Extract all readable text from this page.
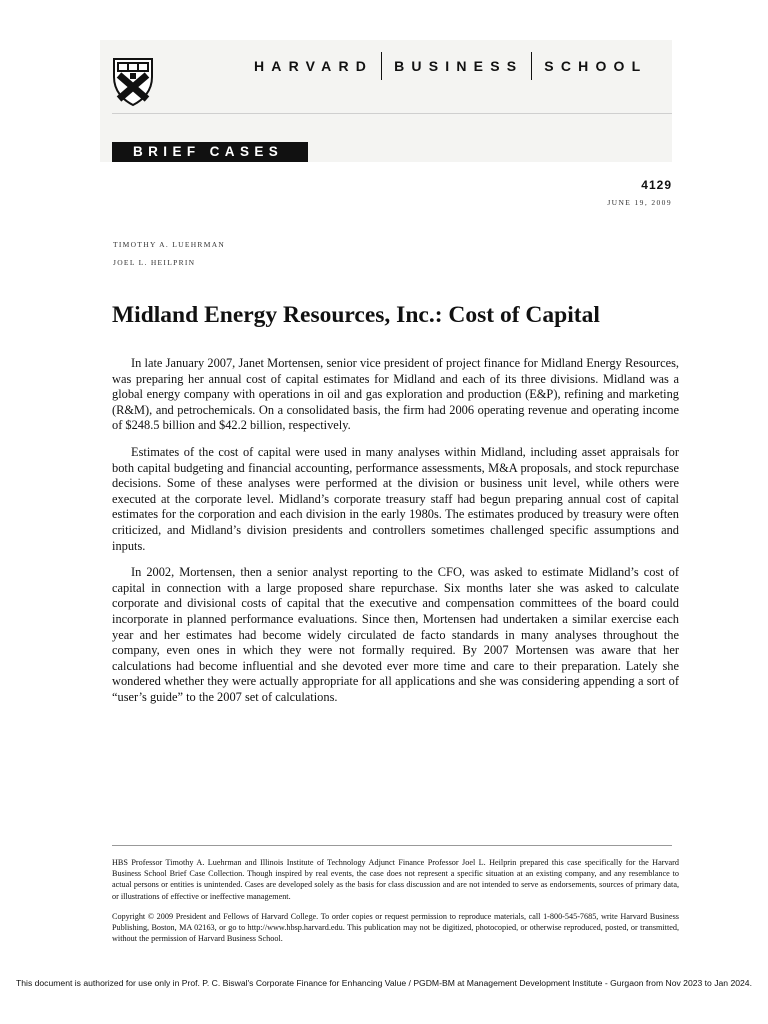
HARVARD BUSINESS SCHOOL
BRIEF CASES
4129
JUNE 19, 2009
TIMOTHY A. LUEHRMAN
JOEL L. HEILPRIN
Midland Energy Resources, Inc.: Cost of Capital

In late January 2007, Janet Mortensen, senior vice president of project finance for Midland Energy Resources, was preparing her annual cost of capital estimates for Midland and each of its three divisions. Midland was a global energy company with operations in oil and gas exploration and production (E&P), refining and marketing (R&M), and petrochemicals. On a consolidated basis, the firm had 2006 operating revenue and operating income of $248.5 billion and $42.2 billion, respectively.

Estimates of the cost of capital were used in many analyses within Midland, including asset appraisals for both capital budgeting and financial accounting, performance assessments, M&A proposals, and stock repurchase decisions. Some of these analyses were performed at the division or business unit level, while others were executed at the corporate level. Midland’s corporate treasury staff had begun preparing annual cost of capital estimates for the corporation and each division in the early 1980s. The estimates produced by treasury were often criticized, and Midland’s division presidents and controllers sometimes challenged specific assumptions and inputs.

In 2002, Mortensen, then a senior analyst reporting to the CFO, was asked to estimate Midland’s cost of capital in connection with a large proposed share repurchase. Six months later she was asked to calculate corporate and divisional costs of capital that the executive and compensation committees of the board could incorporate in planned performance evaluations. Since then, Mortensen had undertaken a similar exercise each year and her estimates had become widely circulated de facto standards in many analyses throughout the company, even ones in which they were not formally required. By 2007 Mortensen was aware that her calculations had become influential and she devoted ever more time and care to their preparation. Lately she wondered whether they were actually appropriate for all applications and she was considering appending a sort of “user’s guide” to the 2007 set of calculations.

HBS Professor Timothy A. Luehrman and Illinois Institute of Technology Adjunct Finance Professor Joel L. Heilprin prepared this case specifically for the Harvard Business School Brief Case Collection. Though inspired by real events, the case does not represent a specific situation at an existing company, and any resemblance to actual persons or entities is unintended. Cases are developed solely as the basis for class discussion and are not intended to serve as endorsements, sources of primary data, or illustrations of effective or ineffective management.

Copyright © 2009 President and Fellows of Harvard College. To order copies or request permission to reproduce materials, call 1-800-545-7685, write Harvard Business Publishing, Boston, MA 02163, or go to http://www.hbsp.harvard.edu. This publication may not be digitized, photocopied, or otherwise reproduced, posted, or transmitted, without the permission of Harvard Business School.

This document is authorized for use only in Prof. P. C. Biswal's Corporate Finance for Enhancing Value / PGDM-BM at Management Development Institute - Gurgaon from Nov 2023 to Jan 2024.
